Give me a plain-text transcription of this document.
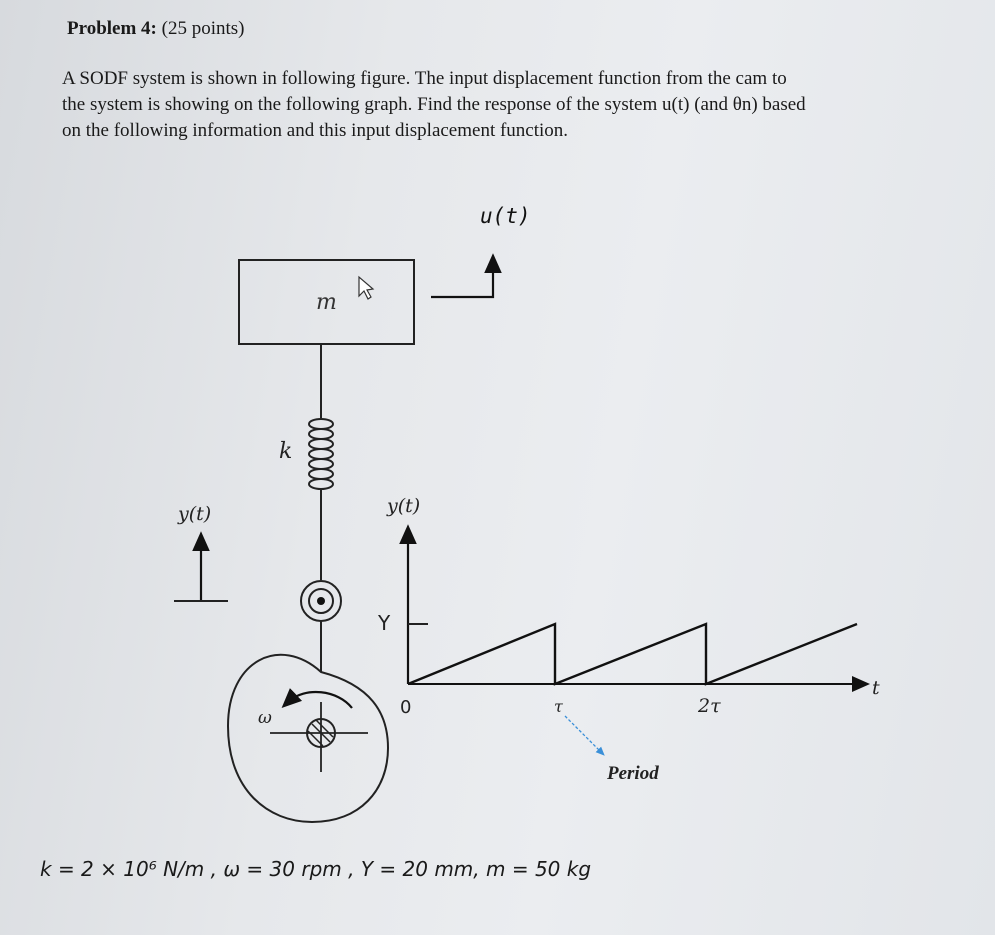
Problem 4: (25 points)

A SODF system is shown in following figure. The input displacement function from the cam to

the system is showing on the following graph. Find the response of the system u(t) (and θn) based

on the following information and this input displacement function.

m
u(t)
k
ω
y(t)	y(t)
t
Y
0	τ	2τ
Period
k = 2 × 10⁶ N/m , ω = 30 rpm , Y = 20 mm, m = 50 kg
